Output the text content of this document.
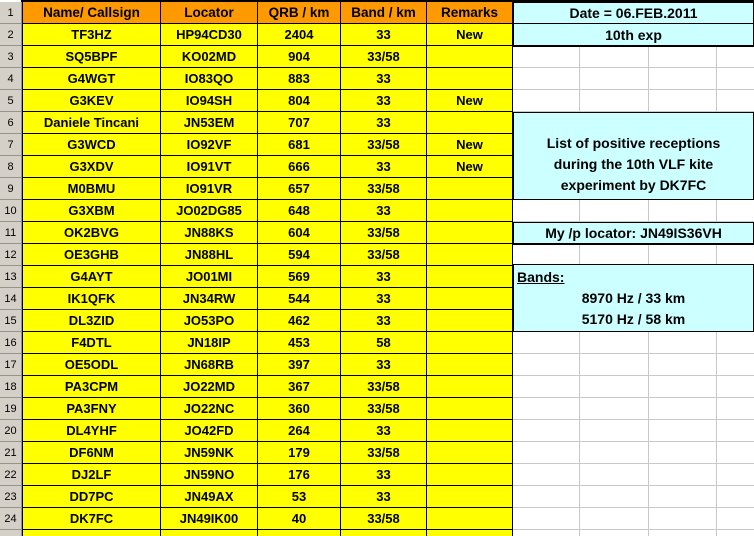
1	Name/ Callsign	Locator	QRB / km	Band / km	Remarks
2	TF3HZ	HP94CD30	2404	33	New
3	SQ5BPF	KO02MD	904	33/58
4	G4WGT	IO83QO	883	33
5	G3KEV	IO94SH	804	33	New
6	Daniele Tincani	JN53EM	707	33
7	G3WCD	IO92VF	681	33/58	New
8	G3XDV	IO91VT	666	33	New
9	M0BMU	IO91VR	657	33/58
10	G3XBM	JO02DG85	648	33
11	OK2BVG	JN88KS	604	33/58
12	OE3GHB	JN88HL	594	33/58
13	G4AYT	JO01MI	569	33
14	IK1QFK	JN34RW	544	33
15	DL3ZID	JO53PO	462	33
16	F4DTL	JN18IP	453	58
17	OE5ODL	JN68RB	397	33
18	PA3CPM	JO22MD	367	33/58
19	PA3FNY	JO22NC	360	33/58
20	DL4YHF	JO42FD	264	33
21	DF6NM	JN59NK	179	33/58
22	DJ2LF	JN59NO	176	33
23	DD7PC	JN49AX	53	33
24	DK7FC	JN49IK00	40	33/58
Date = 06.FEB.2011
10th exp
List of positive receptions
during the 10th VLF kite
experiment by DK7FC
My /p locator: JN49IS36VH
Bands:
8970 Hz / 33 km
5170 Hz / 58 km
